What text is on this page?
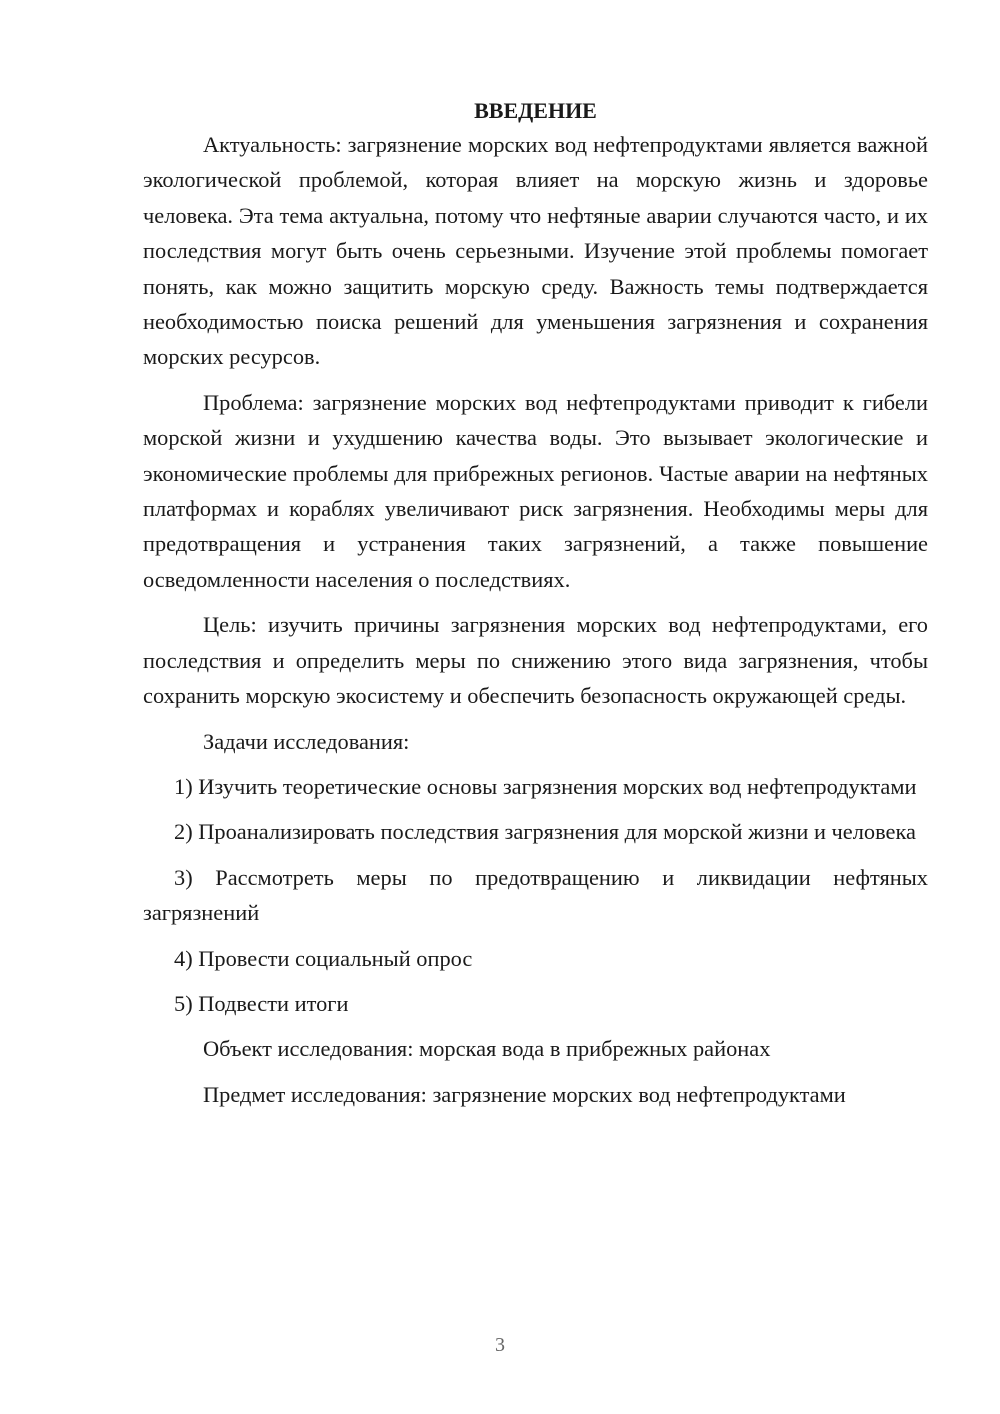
ВВЕДЕНИЕ

Актуальность: загрязнение морских вод нефтепродуктами является важной экологической проблемой, которая влияет на морскую жизнь и здоровье человека. Эта тема актуальна, потому что нефтяные аварии случаются часто, и их последствия могут быть очень серьезными. Изучение этой проблемы помогает понять, как можно защитить морскую среду. Важность темы подтверждается необходимостью поиска решений для уменьшения загрязнения и сохранения морских ресурсов.

Проблема: загрязнение морских вод нефтепродуктами приводит к гибели морской жизни и ухудшению качества воды. Это вызывает экологические и экономические проблемы для прибрежных регионов. Частые аварии на нефтяных платформах и кораблях увеличивают риск загрязнения. Необходимы меры для предотвращения и устранения таких загрязнений, а также повышение осведомленности населения о последствиях.

Цель: изучить причины загрязнения морских вод нефтепродуктами, его последствия и определить меры по снижению этого вида загрязнения, чтобы сохранить морскую экосистему и обеспечить безопасность окружающей среды.

Задачи исследования:

1) Изучить теоретические основы загрязнения морских вод нефтепродуктами

2) Проанализировать последствия загрязнения для морской жизни и человека

3) Рассмотреть меры по предотвращению и ликвидации нефтяных загрязнений

4) Провести социальный опрос

5) Подвести итоги

Объект исследования: морская вода в прибрежных районах

Предмет исследования: загрязнение морских вод нефтепродуктами

3
